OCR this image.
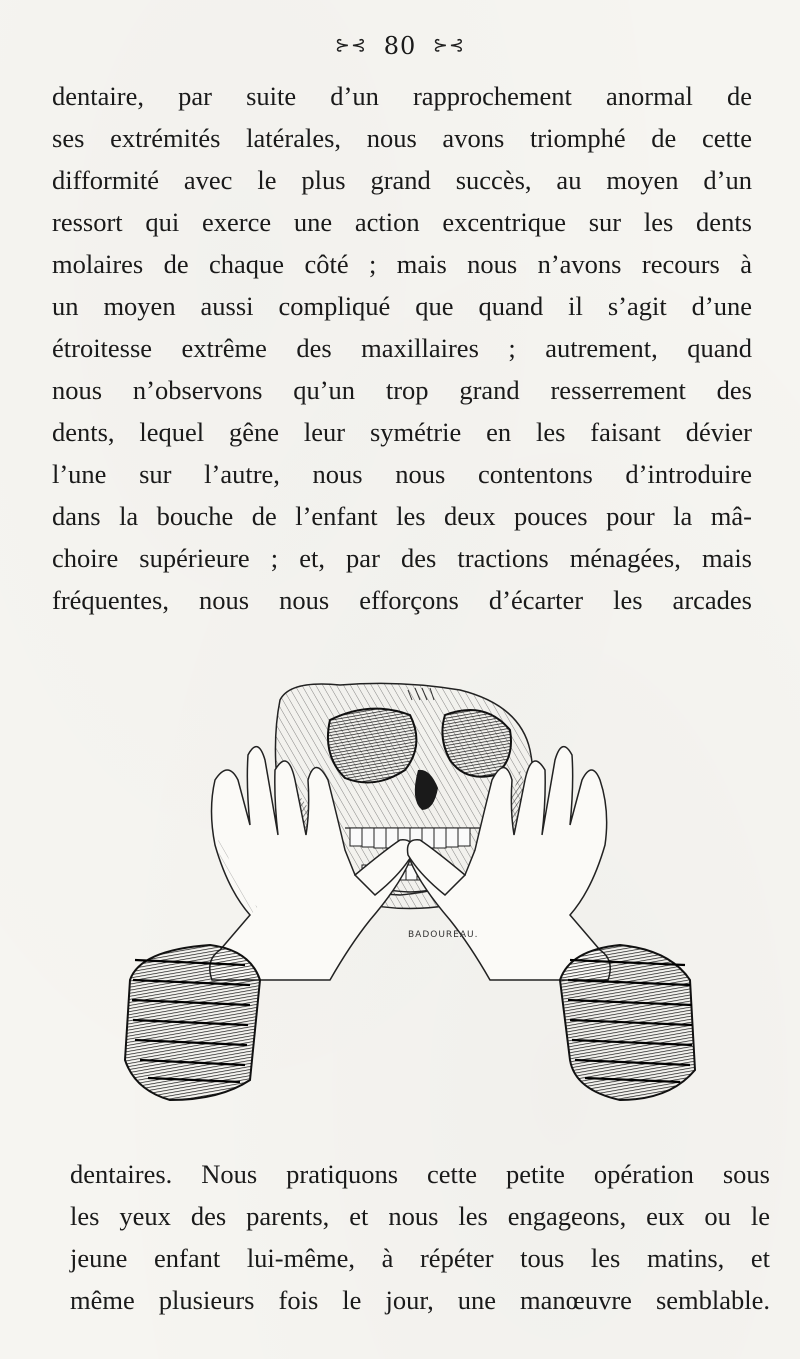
⊱⊰ 80 ⊱⊰
dentaire, par suite d’un rapprochement anormal de
ses extrémités latérales, nous avons triomphé de cette
difformité avec le plus grand succès, au moyen d’un
ressort qui exerce une action excentrique sur les dents
molaires de chaque côté ; mais nous n’avons recours à
un moyen aussi compliqué que quand il s’agit d’une
étroitesse extrême des maxillaires ; autrement, quand
nous n’observons qu’un trop grand resserrement des
dents, lequel gêne leur symétrie en les faisant dévier
l’une sur l’autre, nous nous contentons d’introduire
dans la bouche de l’enfant les deux pouces pour la mâ-
choire supérieure ; et, par des tractions ménagées, mais
fréquentes, nous nous efforçons d’écarter les arcades
BADOUREAU.
dentaires. Nous pratiquons cette petite opération sous
les yeux des parents, et nous les engageons, eux ou le
jeune enfant lui-même, à répéter tous les matins, et
même plusieurs fois le jour, une manœuvre semblable.
